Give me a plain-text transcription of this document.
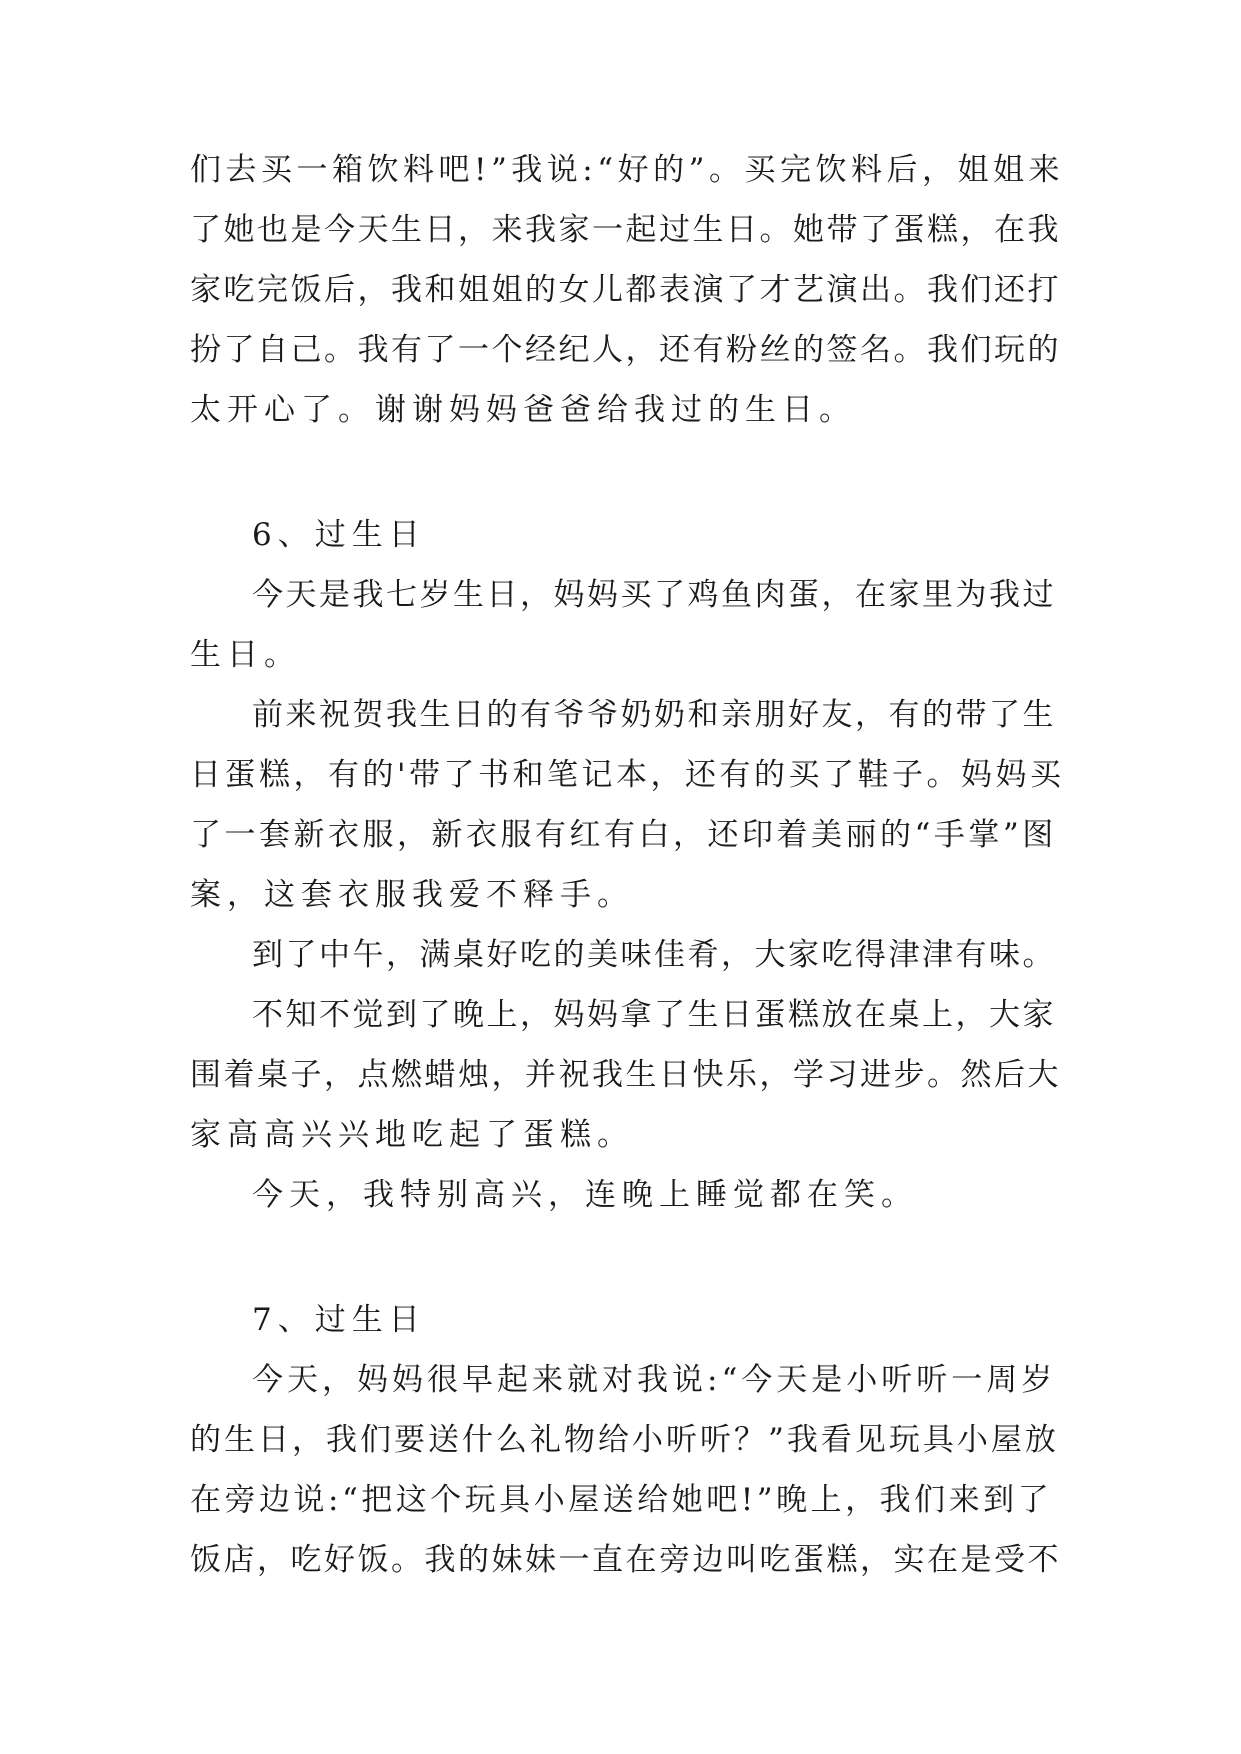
们去买一箱饮料吧!”我说:“好的”。买完饮料后，姐姐来
了她也是今天生日，来我家一起过生日。她带了蛋糕，在我
家吃完饭后，我和姐姐的女儿都表演了才艺演出。我们还打
扮了自己。我有了一个经纪人，还有粉丝的签名。我们玩的
太开心了。谢谢妈妈爸爸给我过的生日。
6、过生日
今天是我七岁生日，妈妈买了鸡鱼肉蛋，在家里为我过
生日。
前来祝贺我生日的有爷爷奶奶和亲朋好友，有的带了生
日蛋糕，有的'带了书和笔记本，还有的买了鞋子。妈妈买
了一套新衣服，新衣服有红有白，还印着美丽的“手掌”图
案，这套衣服我爱不释手。
到了中午，满桌好吃的美味佳肴，大家吃得津津有味。
不知不觉到了晚上，妈妈拿了生日蛋糕放在桌上，大家
围着桌子，点燃蜡烛，并祝我生日快乐，学习进步。然后大
家高高兴兴地吃起了蛋糕。
今天，我特别高兴，连晚上睡觉都在笑。
7、过生日
今天，妈妈很早起来就对我说:“今天是小听听一周岁
的生日，我们要送什么礼物给小听听？”我看见玩具小屋放
在旁边说:“把这个玩具小屋送给她吧!”晚上，我们来到了
饭店，吃好饭。我的妹妹一直在旁边叫吃蛋糕，实在是受不
